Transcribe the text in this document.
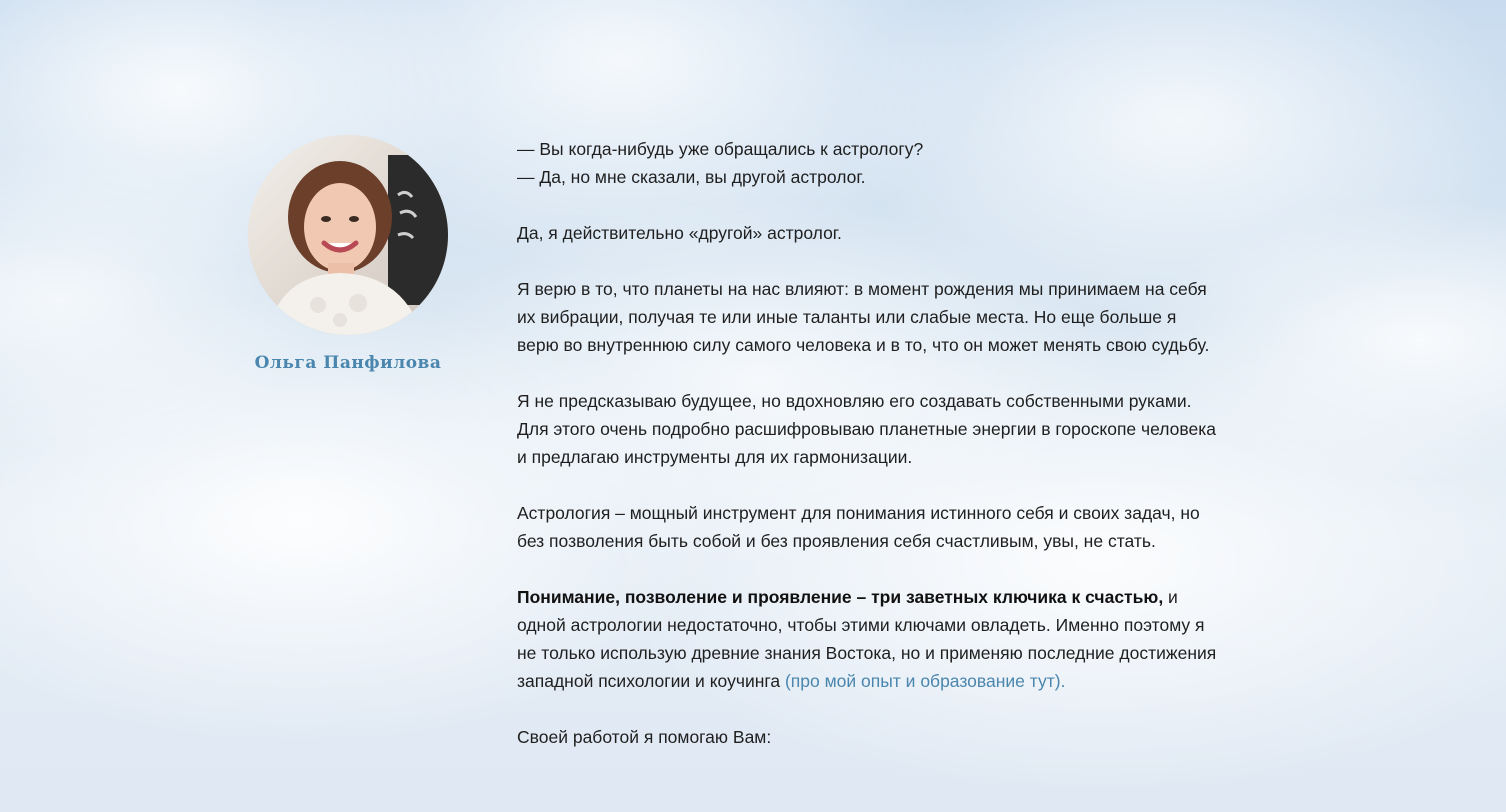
Ольга Панфилова

— Вы когда-нибудь уже обращались к астрологу?
— Да, но мне сказали, вы другой астролог.

Да, я действительно «другой» астролог.

Я верю в то, что планеты на нас влияют: в момент рождения мы принимаем на себя их вибрации, получая те или иные таланты или слабые места. Но еще больше я верю во внутреннюю силу самого человека и в то, что он может менять свою судьбу.

Я не предсказываю будущее, но вдохновляю его создавать собственными руками. Для этого очень подробно расшифровываю планетные энергии в гороскопе человека и предлагаю инструменты для их гармонизации.

Астрология – мощный инструмент для понимания истинного себя и своих задач, но без позволения быть собой и без проявления себя счастливым, увы, не стать.

Понимание, позволение и проявление – три заветных ключика к счастью, и одной астрологии недостаточно, чтобы этими ключами овладеть. Именно поэтому я не только использую древние знания Востока, но и применяю последние достижения западной психологии и коучинга (про мой опыт и образование тут).

Своей работой я помогаю Вам:
